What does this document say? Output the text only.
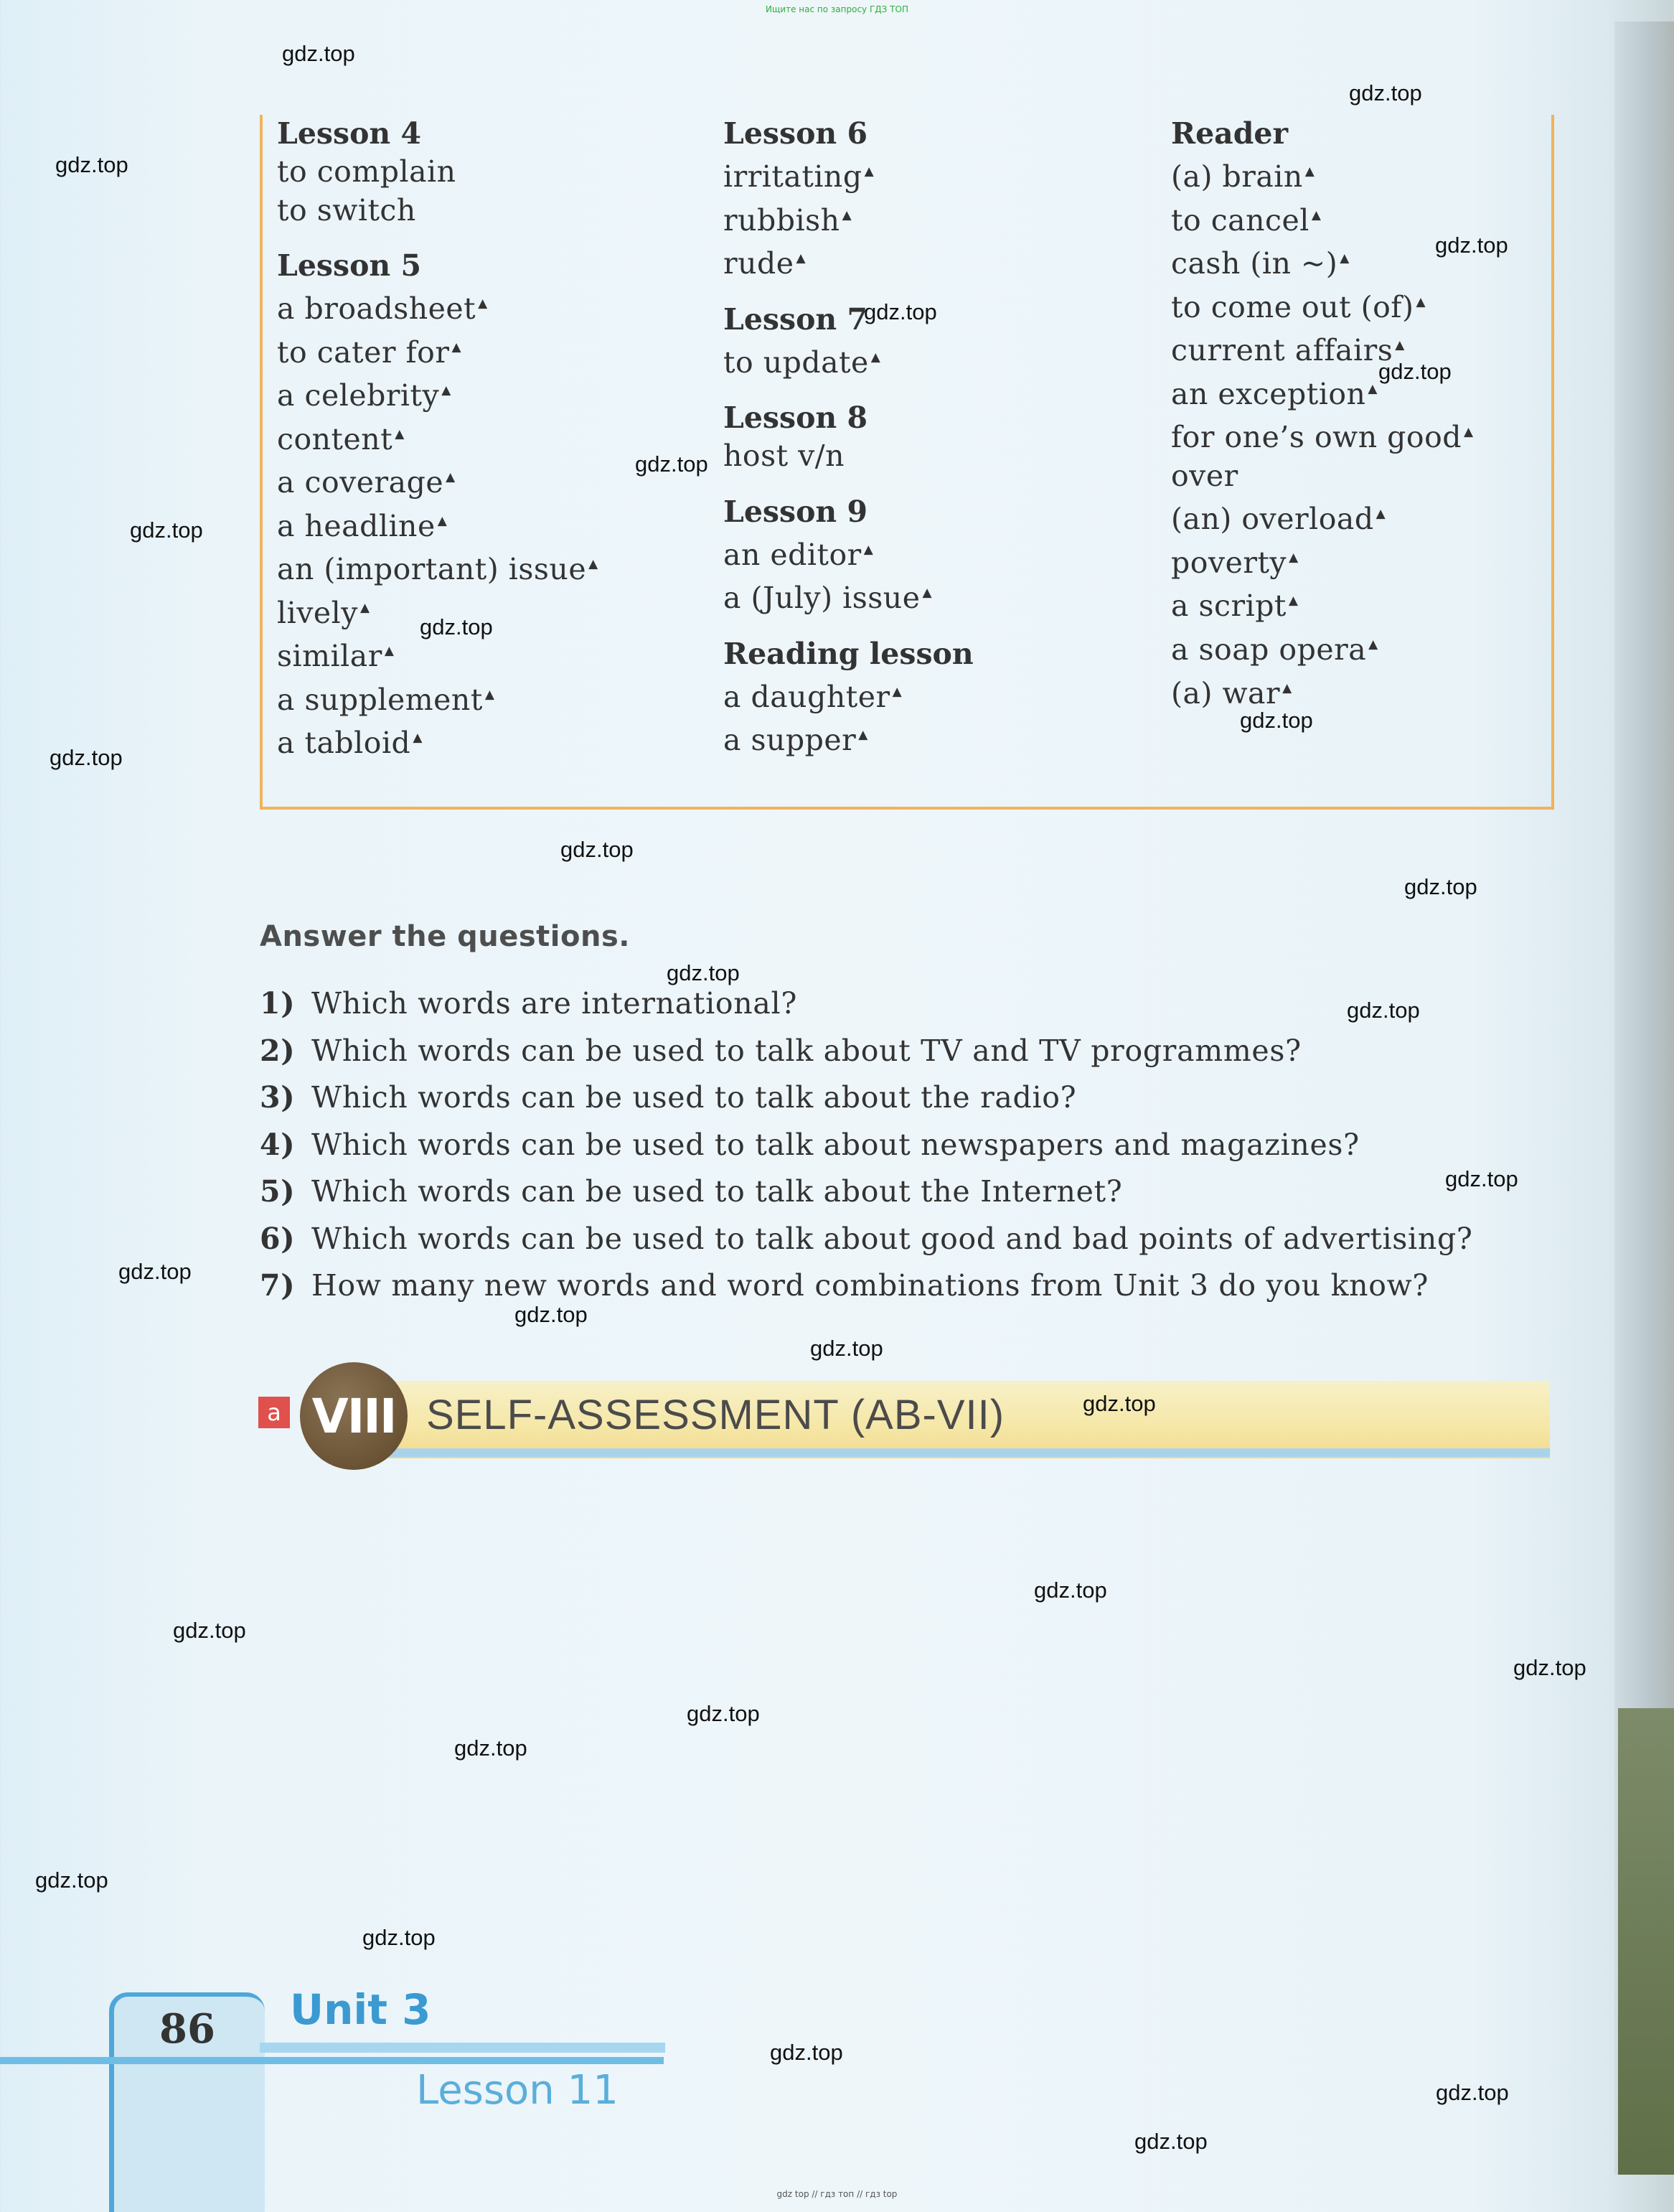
Ищите нас по запросу ГДЗ ТОП
Lesson 4
to complain
to switch
Lesson 5
a broadsheet ▲
to cater for ▲
a celebrity ▲
content ▲
a coverage ▲
a headline ▲
an (important) issue ▲
lively ▲
similar ▲
a supplement ▲
a tabloid ▲
Lesson 6
irritating ▲
rubbish ▲
rude ▲
Lesson 7
to update ▲
Lesson 8
host v/n
Lesson 9
an editor ▲
a (July) issue ▲
Reading lesson
a daughter ▲
a supper ▲
Reader
(a) brain ▲
to cancel ▲
cash (in ~) ▲
to come out (of) ▲
current affairs ▲
an exception ▲
for one’s own good ▲
over
(an) overload ▲
poverty ▲
a script ▲
a soap opera ▲
(a) war ▲
Answer the questions.
1) Which words are international?
2) Which words can be used to talk about TV and TV programmes?
3) Which words can be used to talk about the radio?
4) Which words can be used to talk about newspapers and magazines?
5) Which words can be used to talk about the Internet?
6) Which words can be used to talk about good and bad points of advertising?
7) How many new words and word combinations from Unit 3 do you know?
a VIII SELF-ASSESSMENT (AB-VII)
86 Unit 3
Lesson 11
gdz top // гдз топ // гдз top
gdz.top
gdz.top
gdz.top
gdz.top
gdz.top
gdz.top
gdz.top
gdz.top
gdz.top
gdz.top
gdz.top
gdz.top
gdz.top
gdz.top
gdz.top
gdz.top
gdz.top
gdz.top
gdz.top
gdz.top
gdz.top
gdz.top
gdz.top
gdz.top
gdz.top
gdz.top
gdz.top
gdz.top
gdz.top
gdz.top
